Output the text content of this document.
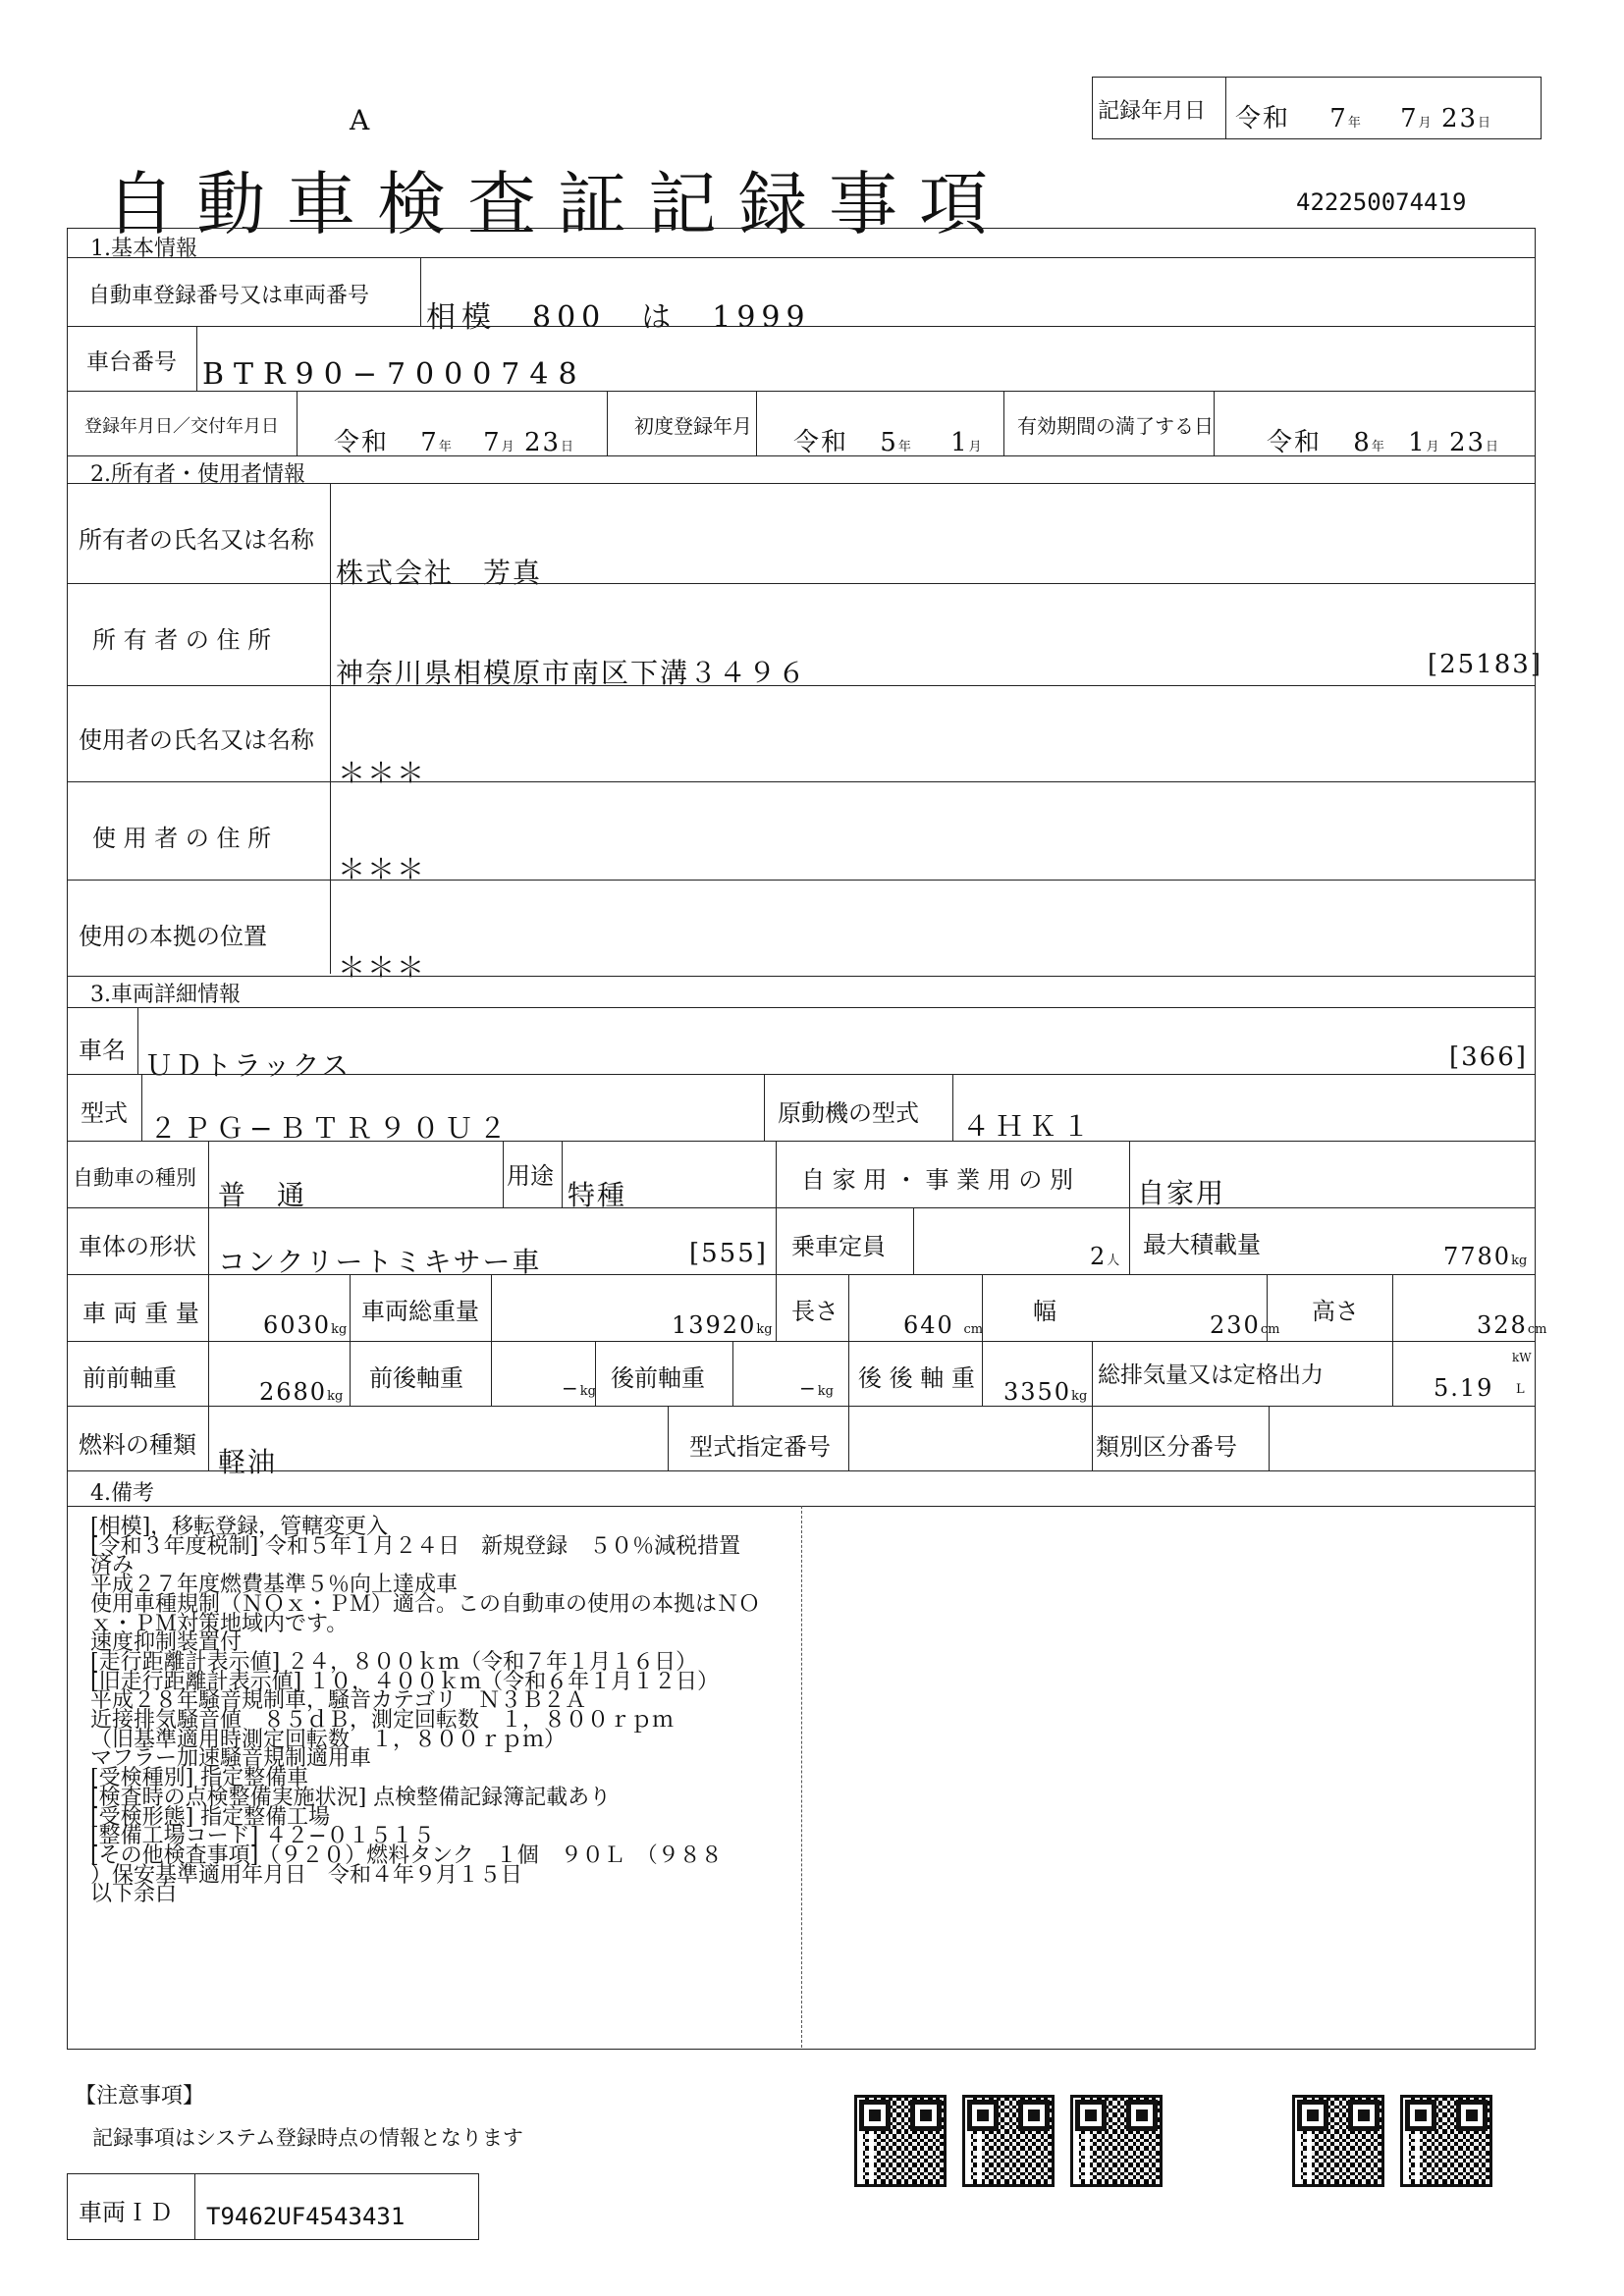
A
自動車検査証記録事項
記録年月日 令和 7年 7月 23日
422250074419
1.基本情報
自動車登録番号又は車両番号
相模　800　は　1999
車台番号 BTR90−7000748
登録年月日／交付年月日
令和 7年 7月 23日
初度登録年月
令和 5年 1月
有効期間の満了する日
令和 8年 1月 23日
2.所有者・使用者情報
所有者の氏名又は名称
株式会社　芳真
所 有 者 の 住 所
神奈川県相模原市南区下溝３４９６	[25183]
使用者の氏名又は名称
＊＊＊
使 用 者 の 住 所
＊＊＊
使用の本拠の位置
＊＊＊
3.車両詳細情報
車名 ＵＤトラックス	[366]
型式 ２ＰＧ−ＢＴＲ９０Ｕ２	原動機の型式 ４ＨＫ１
自動車の種別
普　通
用途
特種	自 家 用 ・ 事 業 用 の 別 自家用
車体の形状 コンクリートミキサー車	[555] 乗車定員	2人
最大積載量	7780kg
車 両 重 量	6030kg
車両総重量	13920kg
長さ	640 cm
幅	230cm
高さ	328cm
前前軸重	2680kg
前後軸重	−kg 後前軸重	−kg 後 後 軸 重 3350kg
総排気量又は定格出力	5.19
kW
L
燃料の種類
軽油	型式指定番号	類別区分番号
4.備考
[相模]，移転登録，管轄変更入
[令和３年度税制] 令和５年１月２４日　新規登録　５０％減税措置
済み
平成２７年度燃費基準５％向上達成車
使用車種規制（ＮＯｘ・ＰＭ）適合。この自動車の使用の本拠はＮＯ
ｘ・ＰＭ対策地域内です。
速度抑制装置付
[走行距離計表示値] ２４，８００ｋｍ（令和７年１月１６日）
[旧走行距離計表示値] １０，４００ｋｍ（令和６年１月１２日）
平成２８年騒音規制車，騒音カテゴリ　Ｎ３Ｂ２Ａ
近接排気騒音値　８５ｄＢ，測定回転数　１，８００ｒｐｍ
（旧基準適用時測定回転数　１，８００ｒｐｍ）
マフラー加速騒音規制適用車
[受検種別] 指定整備車
[検査時の点検整備実施状況] 点検整備記録簿記載あり
[受検形態] 指定整備工場
[整備工場コード] ４２−０１５１５
[その他検査事項]（９２０）燃料タンク　１個　９０Ｌ　（９８８
）保安基準適用年月日　令和４年９月１５日
以下余白
【注意事項】
記録事項はシステム登録時点の情報となります
車両ＩＤ T9462UF4543431
